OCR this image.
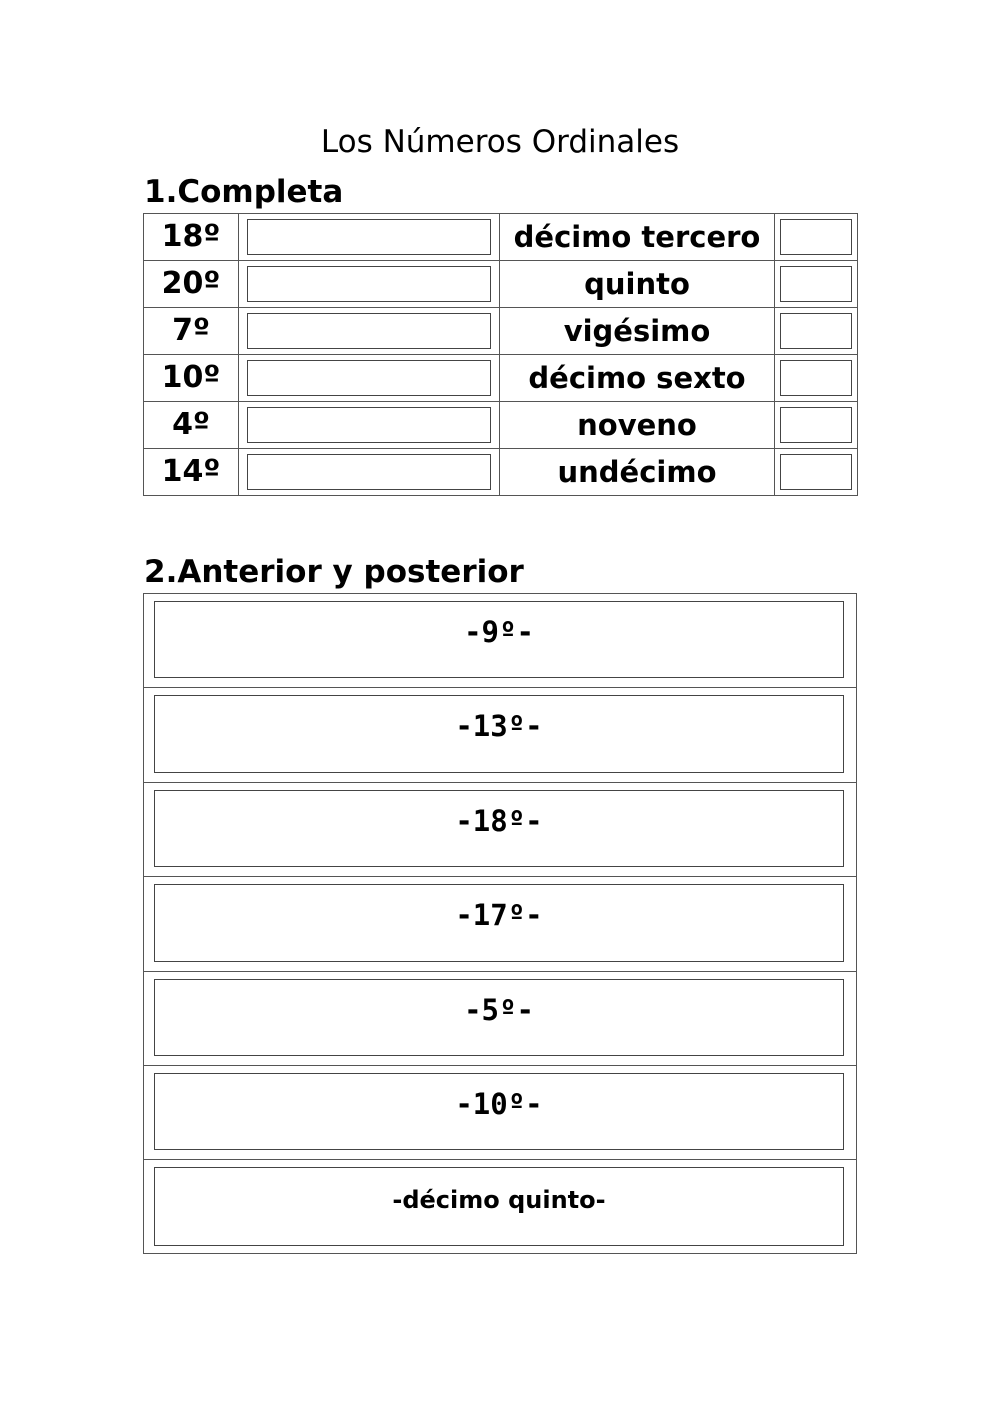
Los Números Ordinales
1.Completa
18º		décimo tercero	

20º		quinto	

7º		vigésimo	

10º		décimo sexto	

4º		noveno	

14º		undécimo	
2.Anterior y posterior
-9º-
-13º-
-18º-
-17º-
-5º-
-10º-
-décimo quinto-
